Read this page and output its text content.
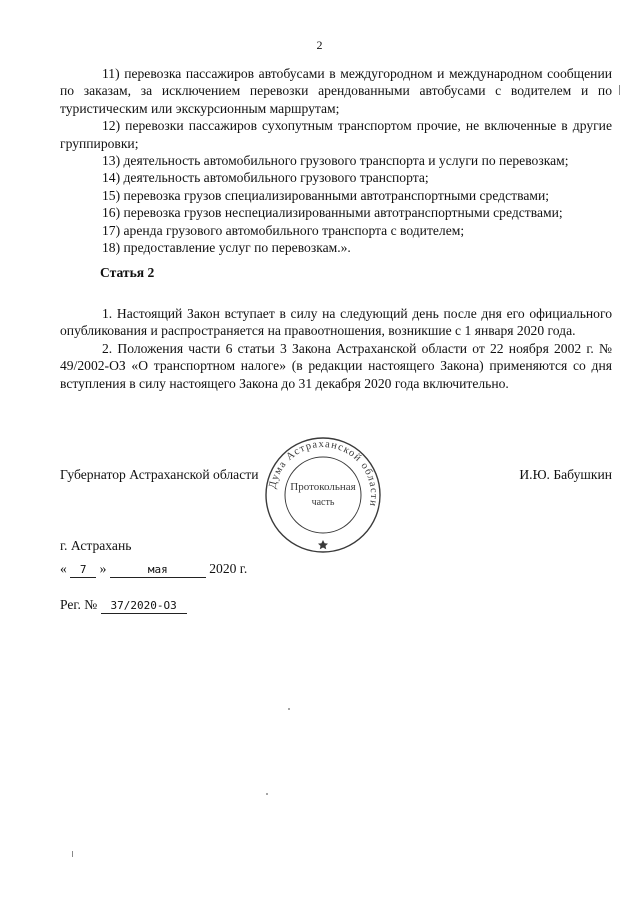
2

11) перевозка пассажиров автобусами в междугородном и международном сообщении по заказам, за исключением перевозки арендованными автобусами с водителем и по туристическим или экскурсионным маршрутам;

12) перевозки пассажиров сухопутным транспортом прочие, не включенные в другие группировки;

13) деятельность автомобильного грузового транспорта и услуги по перевозкам;

14) деятельность автомобильного грузового транспорта;

15) перевозка грузов специализированными автотранспортными средствами;

16) перевозка грузов неспециализированными автотранспортными средствами;

17) аренда грузового автомобильного транспорта с водителем;

18) предоставление услуг по перевозкам.».

Статья 2

1. Настоящий Закон вступает в силу на следующий день после дня его официального опубликования и распространяется на правоотношения, возникшие с 1 января 2020 года.

2. Положения части 6 статьи 3 Закона Астраханской области от 22 ноября 2002 г. № 49/2002-ОЗ «О транспортном налоге» (в редакции настоящего Закона) применяются со дня вступления в силу настоящего Закона до 31 декабря 2020 года включительно.

Губернатор Астраханской области	И.Ю. Бабушкин
Дума Астраханской области
Протокольная
часть
г. Астрахань
« 7 »	мая	2020 г.
Рег. № 37/2020-ОЗ
